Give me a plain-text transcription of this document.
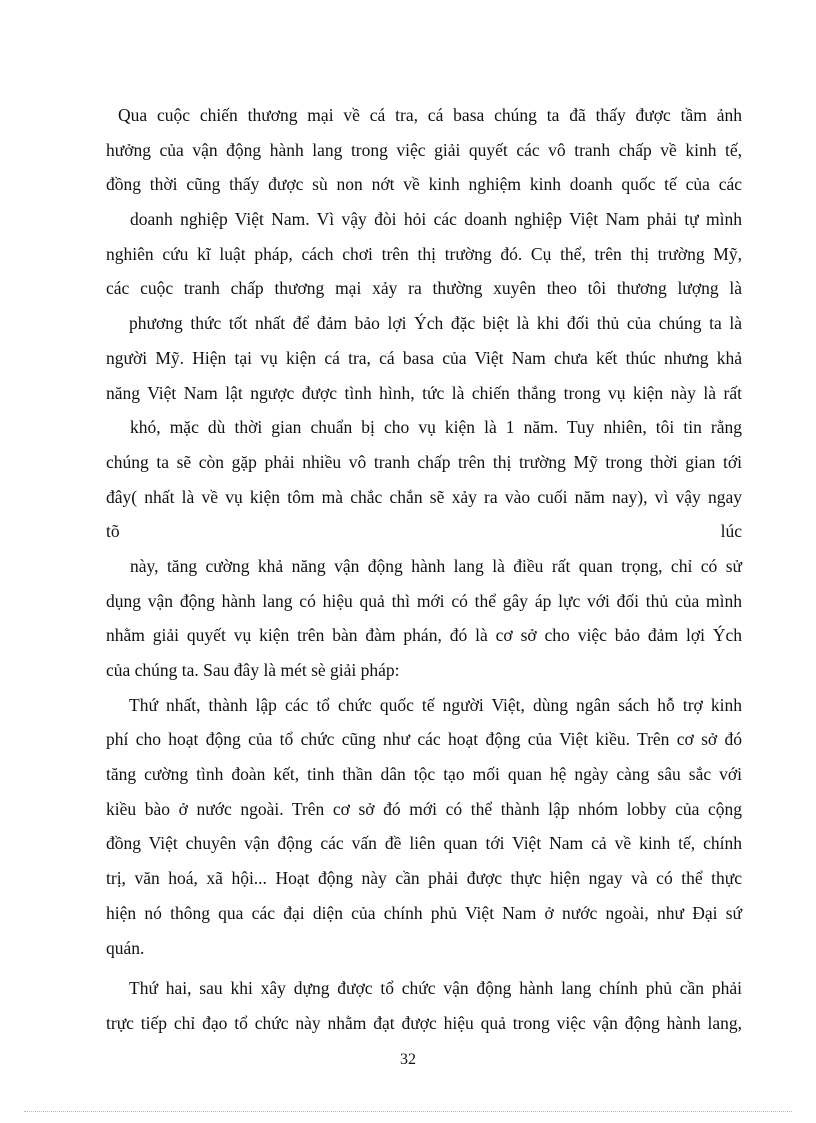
Qua cuộc chiến thương mại về cá tra, cá basa chúng ta đã thấy được tầm ảnh
hưởng của vận động hành lang trong việc giải quyết các vô tranh chấp về kinh tế,
đồng thời cũng thấy được sù non nớt về kinh nghiệm kinh doanh quốc tế của các
doanh nghiệp Việt Nam. Vì vậy đòi hỏi các doanh nghiệp Việt Nam phải tự mình
nghiên cứu kĩ luật pháp, cách chơi trên thị trường đó. Cụ thể, trên thị trường Mỹ,
các cuộc tranh chấp thương mại xảy ra thường xuyên theo tôi thương lượng là
phương thức tốt nhất để đảm bảo lợi Ých đặc biệt là khi đối thủ của chúng ta là
người Mỹ. Hiện tại vụ kiện cá tra, cá basa của Việt Nam chưa kết thúc nhưng khả
năng Việt Nam lật ngược được tình hình, tức là chiến thắng trong vụ kiện này là rất
khó, mặc dù thời gian chuẩn bị cho vụ kiện là 1 năm. Tuy nhiên, tôi tin rằng
chúng ta sẽ còn gặp phải nhiều vô tranh chấp trên thị trường Mỹ trong thời gian tới
đây( nhất là về vụ kiện tôm mà chắc chắn sẽ xảy ra vào cuối năm nay), vì vậy ngay
tõ lúc
này, tăng cường khả năng vận động hành lang là điều rất quan trọng, chỉ có sử
dụng vận động hành lang có hiệu quả thì mới có thể gây áp lực với đối thủ của mình
nhằm giải quyết vụ kiện trên bàn đàm phán, đó là cơ sở cho việc bảo đảm lợi Ých
của chúng ta. Sau đây là mét sè giải pháp:
Thứ nhất, thành lập các tổ chức quốc tế người Việt, dùng ngân sách hỗ trợ kinh
phí cho hoạt động của tổ chức cũng như các hoạt động của Việt kiều. Trên cơ sở đó
tăng cường tình đoàn kết, tinh thần dân tộc tạo mối quan hệ ngày càng sâu sắc với
kiều bào ở nước ngoài. Trên cơ sở đó mới có thể thành lập nhóm lobby của cộng
đồng Việt chuyên vận động các vấn đề liên quan tới Việt Nam cả về kinh tế, chính
trị, văn hoá, xã hội... Hoạt động này cần phải được thực hiện ngay và có thể thực
hiện nó thông qua các đại diện của chính phủ Việt Nam ở nước ngoài, như Đại sứ
quán.
Thứ hai, sau khi xây dựng được tổ chức vận động hành lang chính phủ cần phải
trực tiếp chỉ đạo tổ chức này nhằm đạt được hiệu quả trong việc vận động hành lang,
32
